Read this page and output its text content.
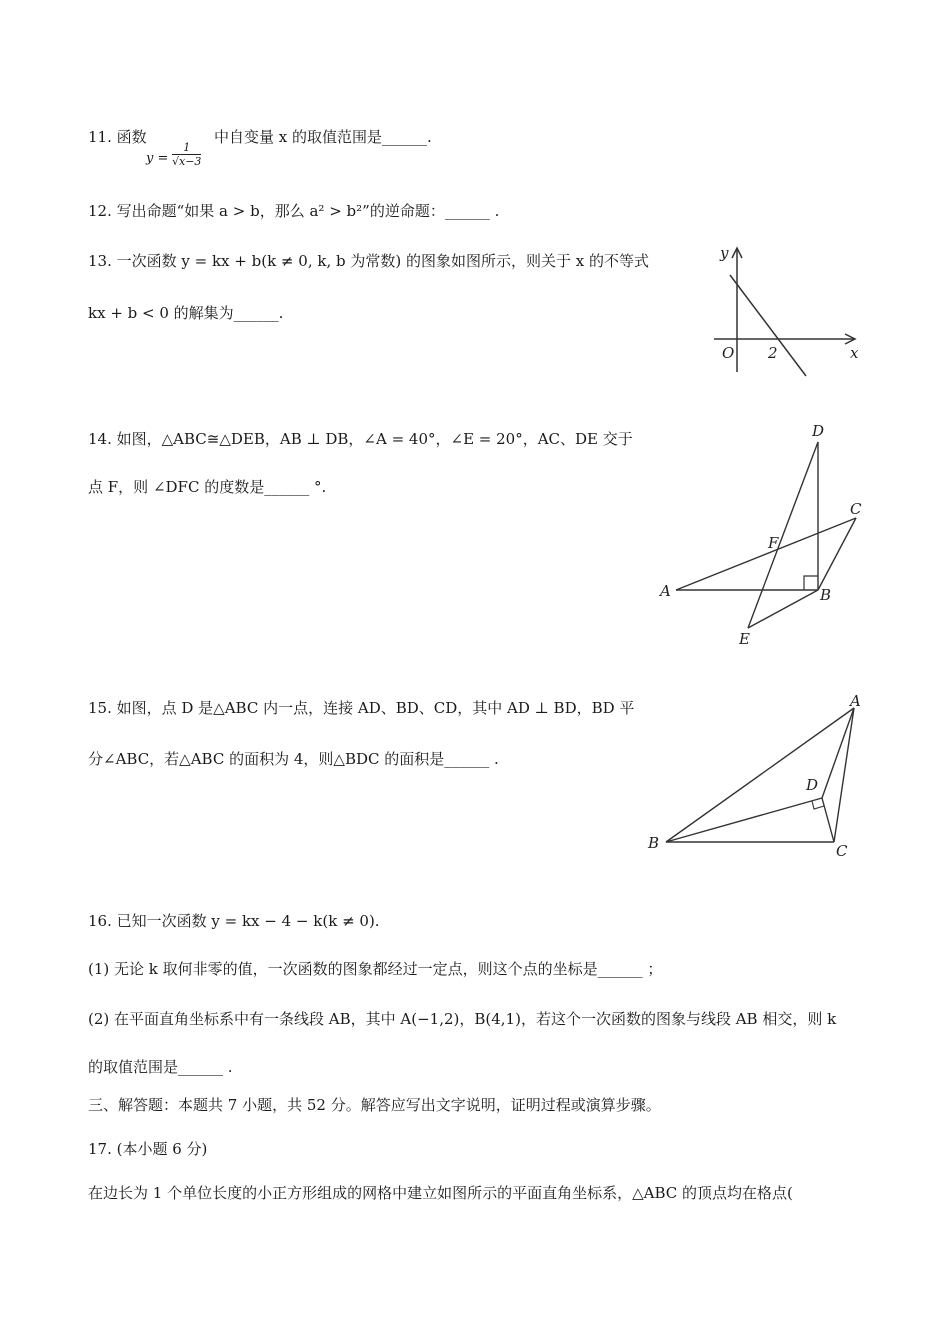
11. 函数
$y = \frac{1}{√x-3}$
中自变量 x 的取值范围是______.
12. 写出命题“如果 a > b，那么 a² > b²”的逆命题：______ .
13. 一次函数 y = kx + b(k ≠ 0, k, b 为常数) 的图象如图所示，则关于 x 的不等式
kx + b < 0 的解集为______.
y
x
O 2
14. 如图，△ABC≅△DEB，AB ⊥ DB，∠A = 40°，∠E = 20°，AC、DE 交于
点 F，则 ∠DFC 的度数是______ °.
D
C
F
A	B
E
15. 如图，点 D 是△ABC 内一点，连接 AD、BD、CD，其中 AD ⊥ BD，BD 平
分∠ABC，若△ABC 的面积为 4，则△BDC 的面积是______ .
A
D
B	C
16. 已知一次函数 y = kx − 4 − k(k ≠ 0).
(1) 无论 k 取何非零的值，一次函数的图象都经过一定点，则这个点的坐标是______ ；
(2) 在平面直角坐标系中有一条线段 AB，其中 A(−1,2)，B(4,1)，若这个一次函数的图象与线段 AB 相交，则 k
的取值范围是______ .
三、解答题：本题共 7 小题，共 52 分。解答应写出文字说明，证明过程或演算步骤。
17. (本小题 6 分)
在边长为 1 个单位长度的小正方形组成的网格中建立如图所示的平面直角坐标系，△ABC 的顶点均在格点(
